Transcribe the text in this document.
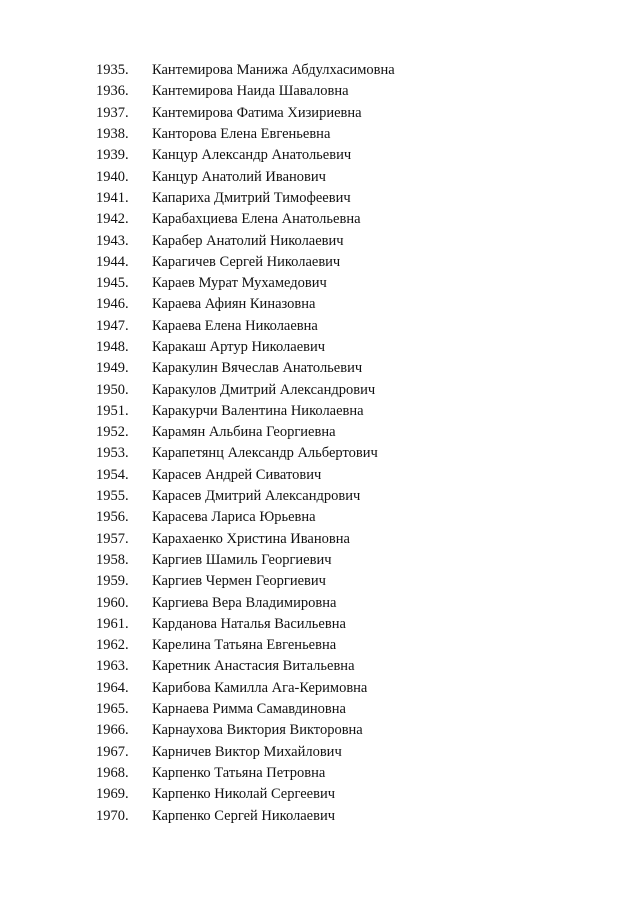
1935.	Кантемирова Манижа Абдулхасимовна
1936.	Кантемирова Наида Шаваловна
1937.	Кантемирова Фатима Хизириевна
1938.	Канторова Елена Евгеньевна
1939.	Канцур Александр Анатольевич
1940.	Канцур Анатолий Иванович
1941.	Капариха Дмитрий Тимофеевич
1942.	Карабахциева Елена Анатольевна
1943.	Карабер Анатолий Николаевич
1944.	Карагичев Сергей Николаевич
1945.	Караев Мурат Мухамедович
1946.	Караева Афиян Киназовна
1947.	Караева Елена Николаевна
1948.	Каракаш Артур Николаевич
1949.	Каракулин Вячеслав Анатольевич
1950.	Каракулов Дмитрий Александрович
1951.	Каракурчи Валентина Николаевна
1952.	Карамян Альбина Георгиевна
1953.	Карапетянц Александр Альбертович
1954.	Карасев Андрей Сиватович
1955.	Карасев Дмитрий Александрович
1956.	Карасева Лариса Юрьевна
1957.	Карахаенко Христина Ивановна
1958.	Каргиев Шамиль Георгиевич
1959.	Каргиев Чермен Георгиевич
1960.	Каргиева Вера Владимировна
1961.	Карданова Наталья Васильевна
1962.	Карелина Татьяна Евгеньевна
1963.	Каретник Анастасия Витальевна
1964.	Карибова Камилла Ага-Керимовна
1965.	Карнаева Римма Самавдиновна
1966.	Карнаухова Виктория Викторовна
1967.	Карничев Виктор Михайлович
1968.	Карпенко Татьяна Петровна
1969.	Карпенко Николай Сергеевич
1970.	Карпенко Сергей Николаевич
